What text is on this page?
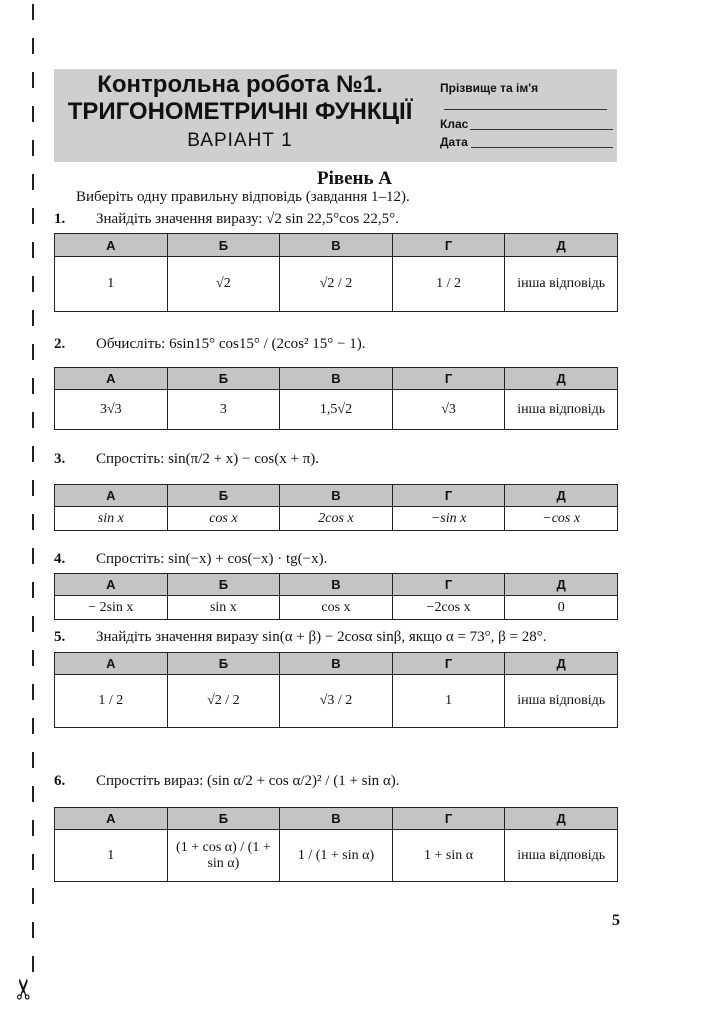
✂
Контрольна робота №1.
ТРИГОНОМЕТРИЧНІ ФУНКЦІЇ
ВАРІАНТ 1
Прізвище та ім'я
Клас
Дата
Рівень А
Виберіть одну правильну відповідь (завдання 1–12).
1. Знайдіть значення виразу: √2 sin 22,5°cos 22,5°.
А	Б	В	Г	Д
1	√2	√2 / 2	1 / 2	інша відповідь
2. Обчисліть: 6sin15° cos15° / (2cos² 15° − 1).
А	Б	В	Г	Д
3√3	3	1,5√2	√3	інша відповідь
3. Спростіть: sin(π/2 + x) − cos(x + π).
А	Б	В	Г	Д
sin x	cos x	2cos x	−sin x	−cos x
4. Спростіть: sin(−x) + cos(−x) · tg(−x).
А	Б	В	Г	Д
− 2sin x	sin x	cos x	−2cos x	0
5. Знайдіть значення виразу sin(α + β) − 2cosα sinβ, якщо α = 73°, β = 28°.
А	Б	В	Г	Д
1 / 2	√2 / 2	√3 / 2	1	інша відповідь
6. Спростіть вираз: (sin α/2 + cos α/2)² / (1 + sin α).
А	Б	В	Г	Д
1	(1 + cos α) / (1 + sin α)	1 / (1 + sin α)	1 + sin α	інша відповідь
5
